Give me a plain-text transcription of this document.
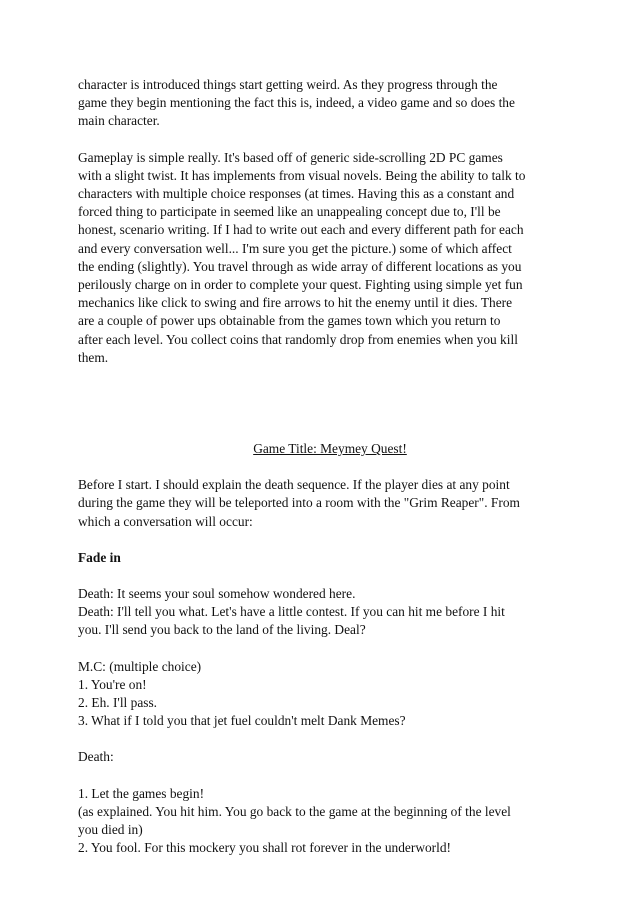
character is introduced things start getting weird. As they progress through the
game they begin mentioning the fact this is, indeed, a video game and so does the
main character.

Gameplay is simple really. It's based off of generic side-scrolling 2D PC games
with a slight twist. It has implements from visual novels. Being the ability to talk to
characters with multiple choice responses (at times. Having this as a constant and
forced thing to participate in seemed like an unappealing concept due to, I'll be
honest, scenario writing. If I had to write out each and every different path for each
and every conversation well... I'm sure you get the picture.) some of which affect
the ending (slightly). You travel through as wide array of different locations as you
perilously charge on in order to complete your quest. Fighting using simple yet fun
mechanics like click to swing and fire arrows to hit the enemy until it dies. There
are a couple of power ups obtainable from the games town which you return to
after each level. You collect coins that randomly drop from enemies when you kill
them.

Game Title: Meymey Quest!

Before I start. I should explain the death sequence. If the player dies at any point
during the game they will be teleported into a room with the "Grim Reaper". From
which a conversation will occur:

Fade in

Death: It seems your soul somehow wondered here.
Death: I'll tell you what. Let's have a little contest. If you can hit me before I hit
you. I'll send you back to the land of the living. Deal?

M.C: (multiple choice)
1. You're on!
2. Eh. I'll pass.
3. What if I told you that jet fuel couldn't melt Dank Memes?

Death:

1. Let the games begin!
(as explained. You hit him. You go back to the game at the beginning of the level
you died in)
2. You fool. For this mockery you shall rot forever in the underworld!
